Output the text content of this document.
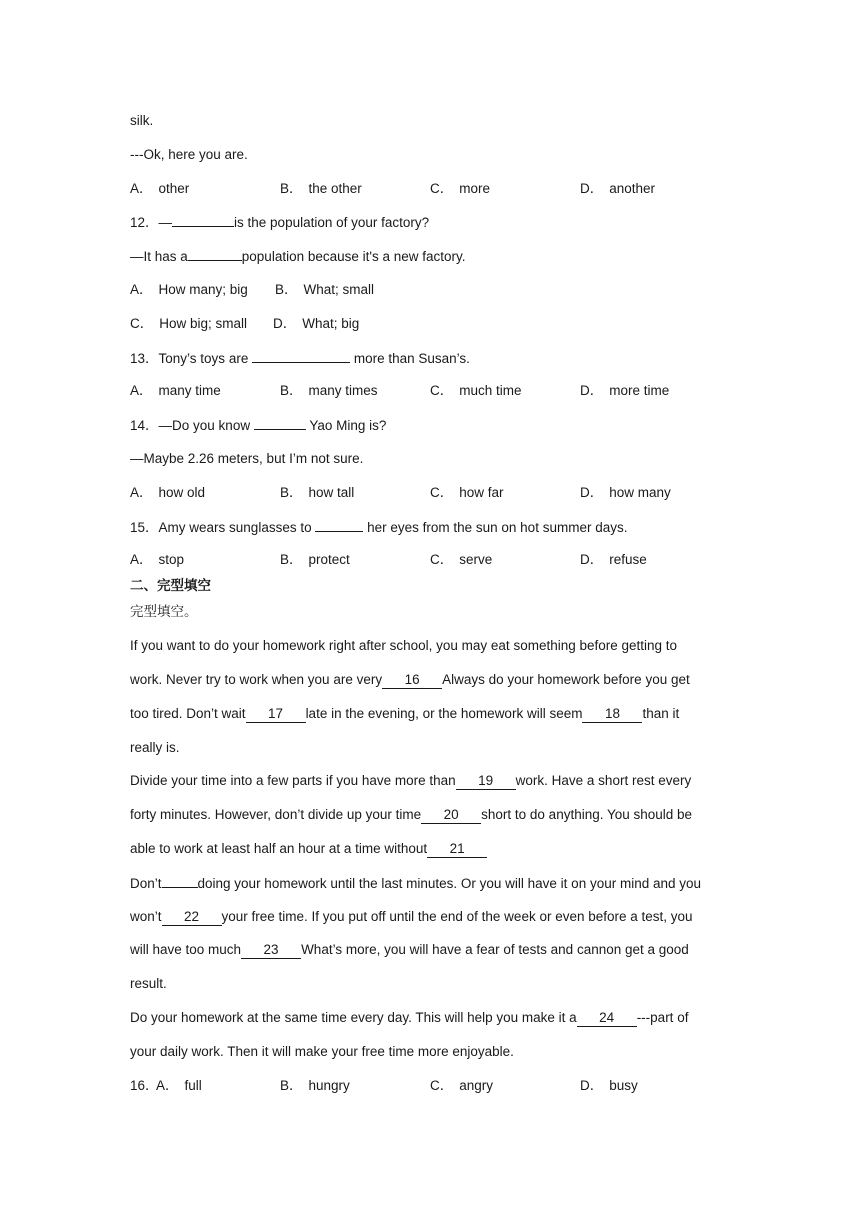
silk.
---Ok, here you are.
A． other	B． the other	C． more	D． another
12．—	is the population of your factory?
—It has a	population because it's a new factory.
A． How many; big B． What; small
C． How big; small D． What; big
13．Tony’s toys are	more than Susan’s.
A． many time	B． many times	C． much time	D． more time
14．—Do you know	Yao Ming is?
—Maybe 2.26 meters, but I’m not sure.
A． how old	B． how tall	C． how far	D． how many
15．Amy wears sunglasses to	her eyes from the sun on hot summer days.
A． stop	B． protect	C． serve	D． refuse
二、完型填空
完型填空。
If you want to do your homework right after school, you may eat something before getting to
work. Never try to work when you are very 16 Always do your homework before you get
too tired. Don’t wait 17 late in the evening, or the homework will seem 18 than it
really is.
Divide your time into a few parts if you have more than 19 work. Have a short rest every
forty minutes. However, don’t divide up your time 20 short to do anything. You should be
able to work at least half an hour at a time without 21
Don’t	doing your homework until the last minutes. Or you will have it on your mind and you
won’t 22 your free time. If you put off until the end of the week or even before a test, you
will have too much 23 What’s more, you will have a fear of tests and cannon get a good
result.
Do your homework at the same time every day. This will help you make it a 24 ---part of
your daily work. Then it will make your free time more enjoyable.
16．
A． full	B． hungry	C． angry	D． busy
